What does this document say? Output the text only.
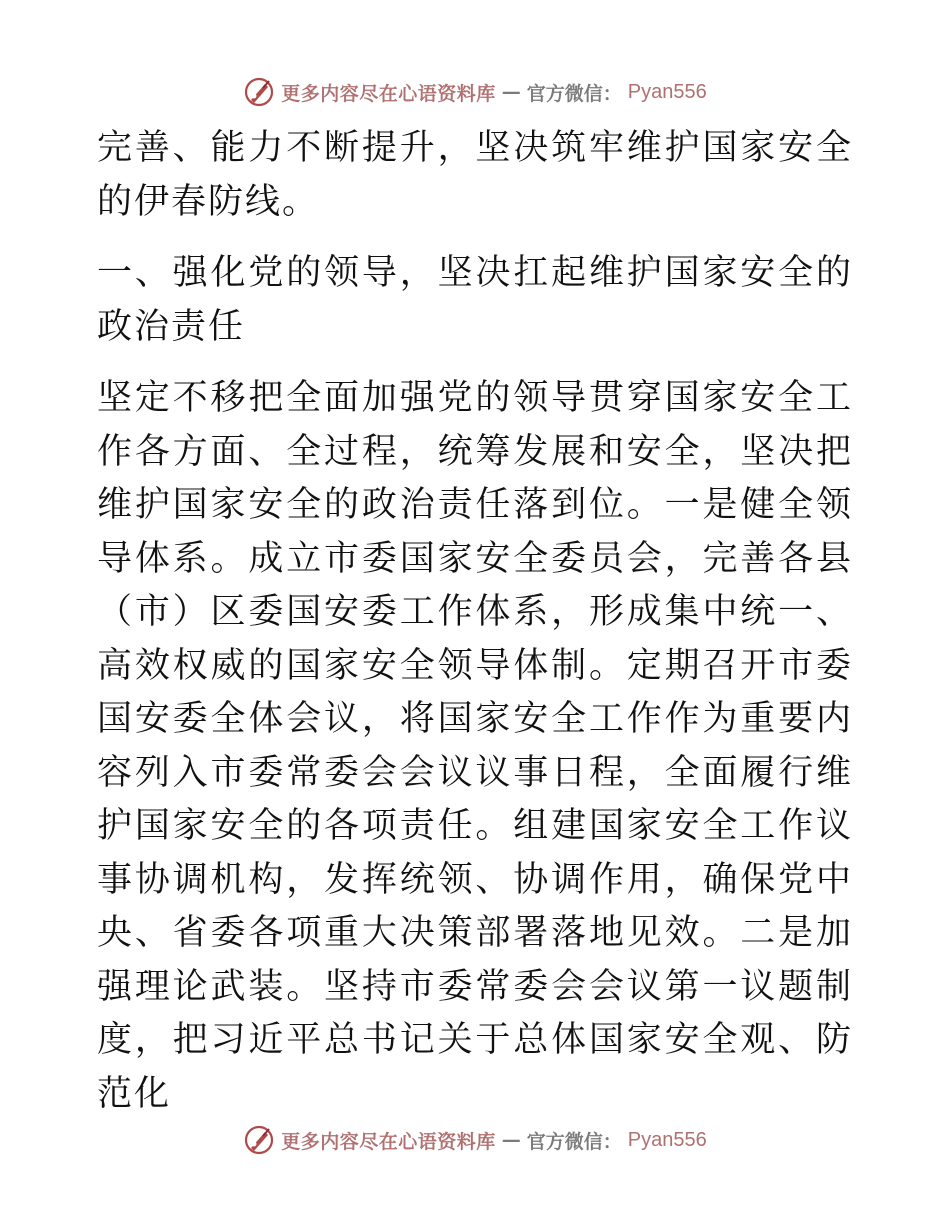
更多内容尽在心语资料库 — 官方微信： Pyan556

完善、能力不断提升，坚决筑牢维护国家安全的伊春防线。

一、强化党的领导，坚决扛起维护国家安全的政治责任

坚定不移把全面加强党的领导贯穿国家安全工作各方面、全过程，统筹发展和安全，坚决把维护国家安全的政治责任落到位。一是健全领导体系。成立市委国家安全委员会，完善各县（市）区委国安委工作体系，形成集中统一、高效权威的国家安全领导体制。定期召开市委国安委全体会议，将国家安全工作作为重要内容列入市委常委会会议议事日程，全面履行维护国家安全的各项责任。组建国家安全工作议事协调机构，发挥统领、协调作用，确保党中央、省委各项重大决策部署落地见效。二是加强理论武装。坚持市委常委会会议第一议题制度，把习近平总书记关于总体国家安全观、防范化

更多内容尽在心语资料库 — 官方微信： Pyan556
